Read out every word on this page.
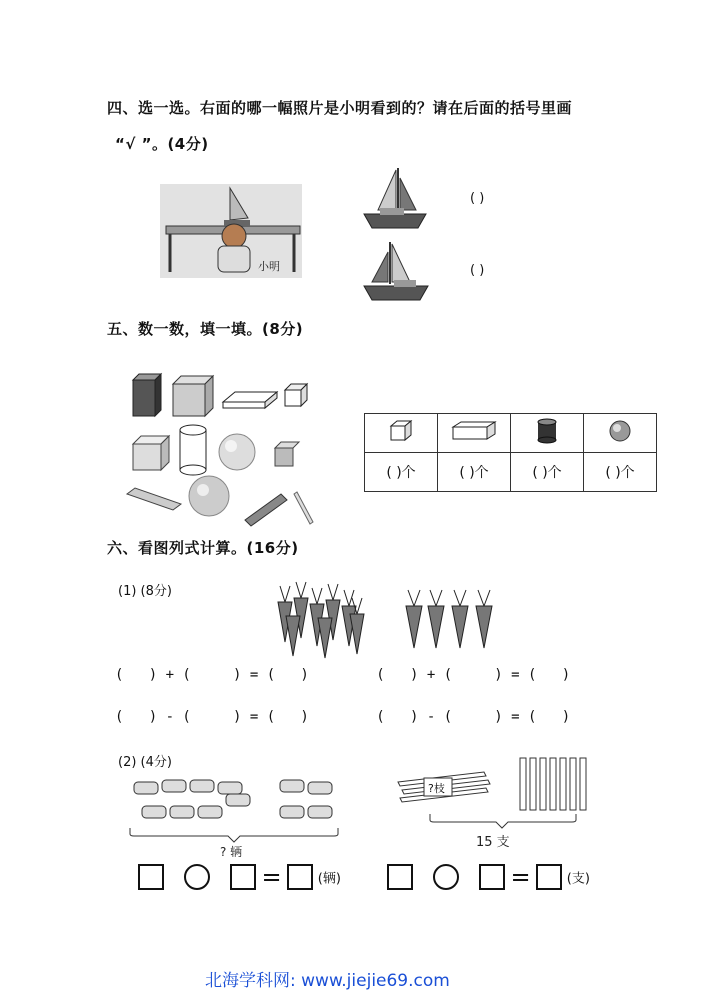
四、选一选。右面的哪一幅照片是小明看到的？请在后面的括号里画
“√ ”。(4分)
小明
( )
( )
五、数一数，填一填。(8分)

( )个	( )个	( )个	( )个
六、看图列式计算。(16分)
(1) (8分)
(   ) + (     ) = (   )        (   ) + (     ) = (   )
(   ) - (     ) = (   )        (   ) - (     ) = (   )
(2) (4分)
? 辆
?枝
15 支
=	(辆)	=	(支)
北海学科网: www.jiejie69.com
